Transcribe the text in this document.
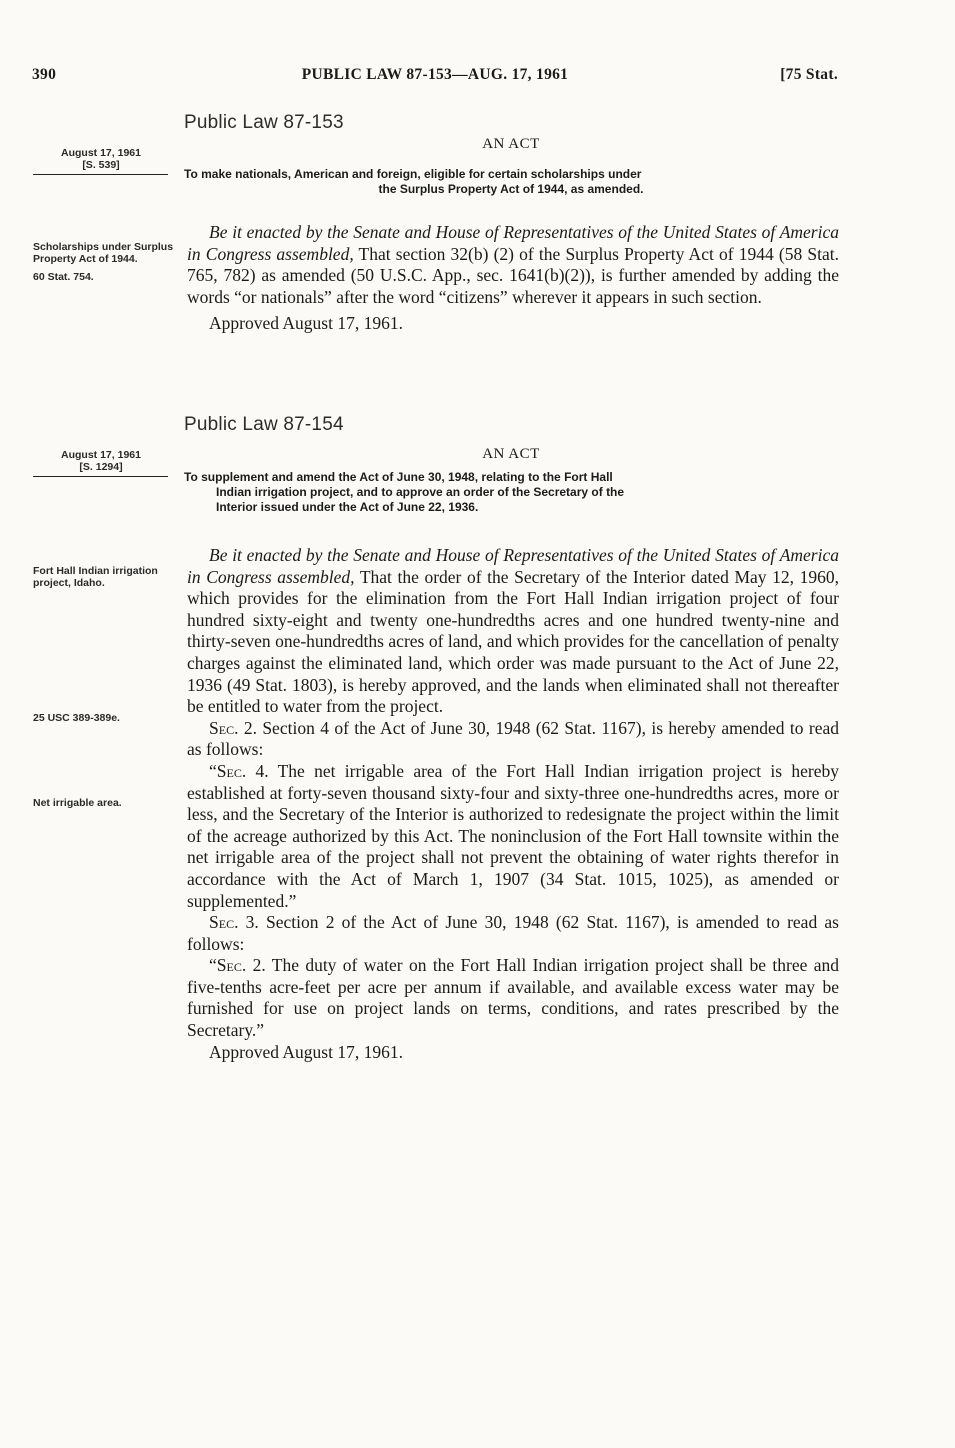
390	PUBLIC LAW 87-153—AUG. 17, 1961	[75 Stat.
Public Law 87-153
August 17, 1961
[S. 539]
AN ACT
To make nationals, American and foreign, eligible for certain scholarships under
the Surplus Property Act of 1944, as amended.
Scholarships under Surplus Property Act of 1944.
60 Stat. 754.

Be it enacted by the Senate and House of Representatives of the United States of America in Congress assembled, That section 32(b) (2) of the Surplus Property Act of 1944 (58 Stat. 765, 782) as amended (50 U.S.C. App., sec. 1641(b)(2)), is further amended by adding the words “or nationals” after the word “citizens” wherever it appears in such section.

Approved August 17, 1961.

Public Law 87-154
August 17, 1961
[S. 1294]
AN ACT
To supplement and amend the Act of June 30, 1948, relating to the Fort Hall
Indian irrigation project, and to approve an order of the Secretary of the
Interior issued under the Act of June 22, 1936.
Fort Hall Indian irrigation project, Idaho.
25 USC 389-389e.
Net irrigable area.

Be it enacted by the Senate and House of Representatives of the United States of America in Congress assembled, That the order of the Secretary of the Interior dated May 12, 1960, which provides for the elimination from the Fort Hall Indian irrigation project of four hundred sixty-eight and twenty one-hundredths acres and one hundred twenty-nine and thirty-seven one-hundredths acres of land, and which provides for the cancellation of penalty charges against the eliminated land, which order was made pursuant to the Act of June 22, 1936 (49 Stat. 1803), is hereby approved, and the lands when eliminated shall not thereafter be entitled to water from the project.

Sec. 2. Section 4 of the Act of June 30, 1948 (62 Stat. 1167), is hereby amended to read as follows:

“Sec. 4. The net irrigable area of the Fort Hall Indian irrigation project is hereby established at forty-seven thousand sixty-four and sixty-three one-hundredths acres, more or less, and the Secretary of the Interior is authorized to redesignate the project within the limit of the acreage authorized by this Act. The noninclusion of the Fort Hall townsite within the net irrigable area of the project shall not prevent the obtaining of water rights therefor in accordance with the Act of March 1, 1907 (34 Stat. 1015, 1025), as amended or supplemented.”

Sec. 3. Section 2 of the Act of June 30, 1948 (62 Stat. 1167), is amended to read as follows:

“Sec. 2. The duty of water on the Fort Hall Indian irrigation project shall be three and five-tenths acre-feet per acre per annum if available, and available excess water may be furnished for use on project lands on terms, conditions, and rates prescribed by the Secretary.”

Approved August 17, 1961.
